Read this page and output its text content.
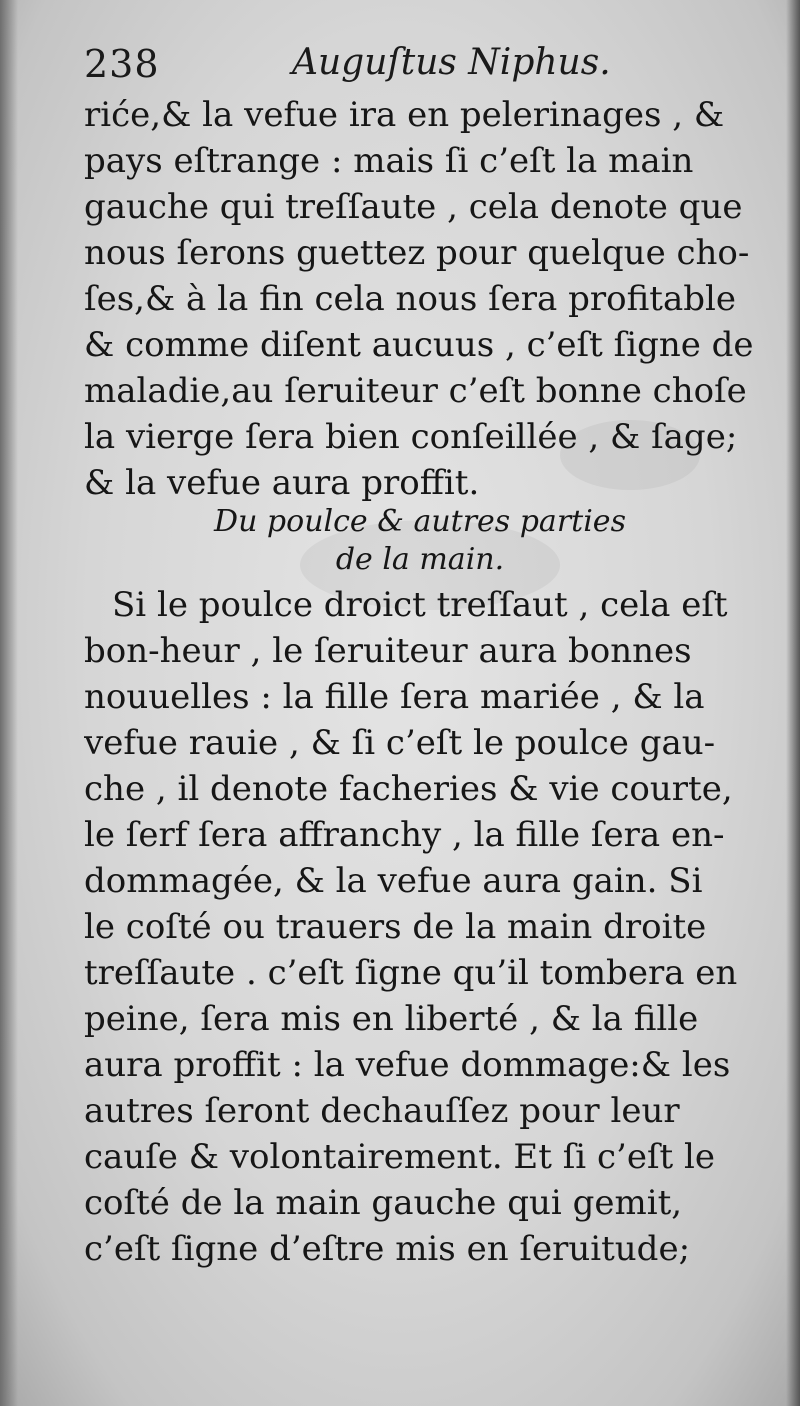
238	Auguſtus Niphus.
riće,& la vefue ira en pelerinages , &
pays eſtrange : mais ſi c’eſt la main
gauche qui treſſaute , cela denote que
nous ſerons guettez pour quelque cho-
ſes,& à la fin cela nous ſera profitable
& comme diſent aucuus , c’eſt ſigne de
maladie,au ſeruiteur c’eſt bonne choſe
la vierge ſera bien conſeillée , & ſage;
& la vefue aura proffit.
Du poulce & autres parties
de la main.
Si le poulce droict treſſaut , cela eſt
bon-heur , le ſeruiteur aura bonnes
nouuelles : la fille ſera mariée , & la
vefue rauie , & ſi c’eſt le poulce gau-
che , il denote facheries & vie courte,
le ſerf ſera affranchy , la fille ſera en-
dommagée, & la vefue aura gain. Si
le coſté ou trauers de la main droite
treſſaute . c’eſt ſigne qu’il tombera en
peine, ſera mis en liberté , & la fille
aura proffit : la vefue dommage:& les
autres ſeront dechauſſez pour leur
cauſe & volontairement. Et ſi c’eſt le
coſté de la main gauche qui gemit,
c’eſt ſigne d’eſtre mis en ſeruitude;
